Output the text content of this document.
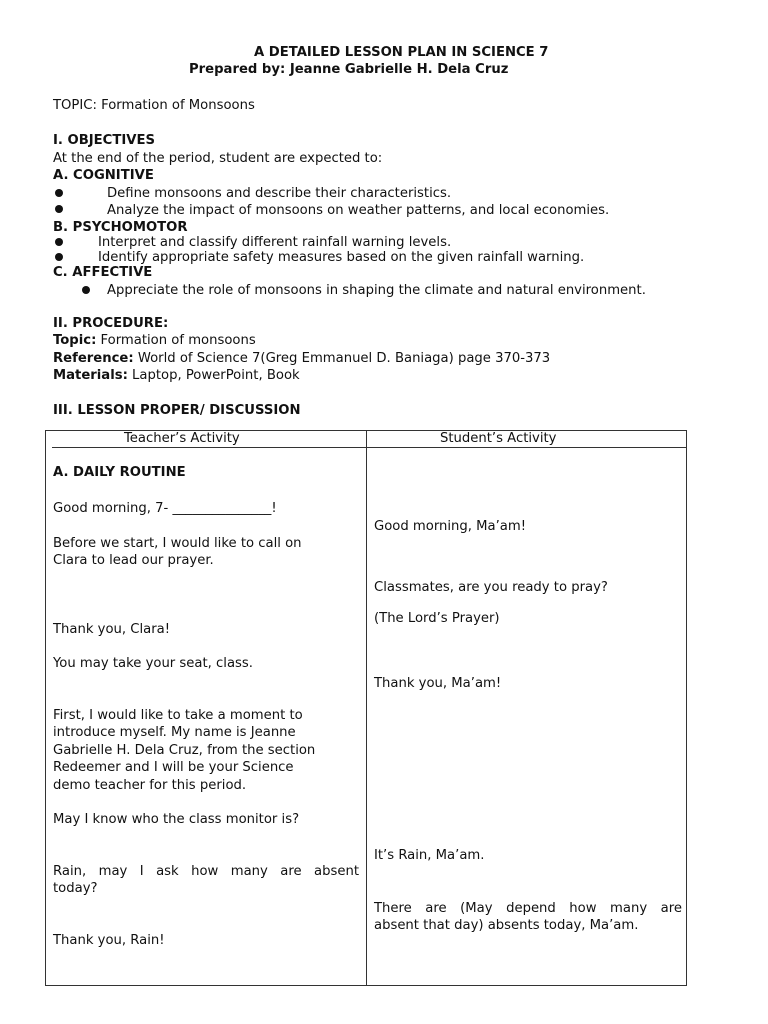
A DETAILED LESSON PLAN IN SCIENCE 7
Prepared by: Jeanne Gabrielle H. Dela Cruz
TOPIC: Formation of Monsoons
I. OBJECTIVES
At the end of the period, student are expected to:
A. COGNITIVE
Define monsoons and describe their characteristics.
Analyze the impact of monsoons on weather patterns, and local economies.
B. PSYCHOMOTOR
Interpret and classify different rainfall warning levels.
Identify appropriate safety measures based on the given rainfall warning.
C. AFFECTIVE
Appreciate the role of monsoons in shaping the climate and natural environment.
II. PROCEDURE:
Topic: Formation of monsoons
Reference: World of Science 7(Greg Emmanuel D. Baniaga) page 370-373
Materials: Laptop, PowerPoint, Book
III. LESSON PROPER/ DISCUSSION
Teacher’s Activity	Student’s Activity
A. DAILY ROUTINE
Good morning, 7- _______________!
Before we start, I would like to call on
Clara to lead our prayer.
Thank you, Clara!
You may take your seat, class.
First, I would like to take a moment to
introduce myself. My name is Jeanne
Gabrielle H. Dela Cruz, from the section
Redeemer and I will be your Science
demo teacher for this period.
May I know who the class monitor is?
Rain, may I ask how many are absent
today?
Thank you, Rain!
Good morning, Ma’am!
Classmates, are you ready to pray?
(The Lord’s Prayer)
Thank you, Ma’am!
It’s Rain, Ma’am.
There are (May depend how many are
absent that day) absents today, Ma’am.
